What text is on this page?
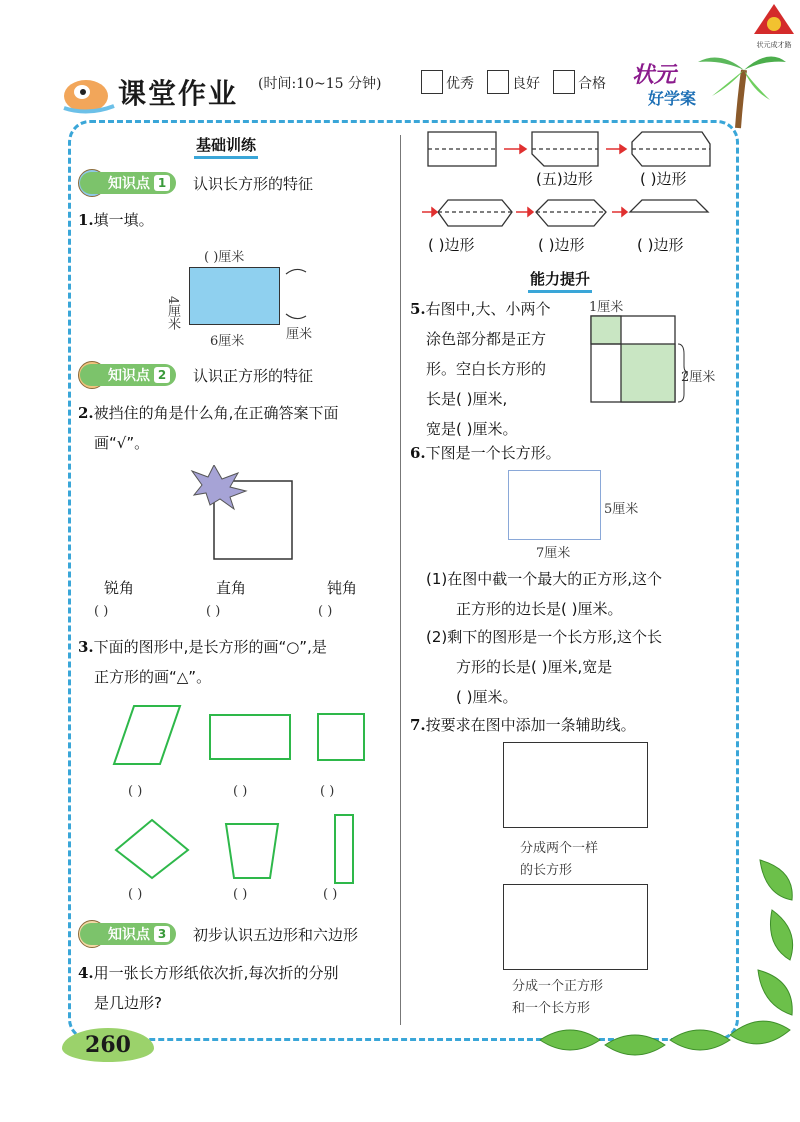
课堂作业 (时间:10~15 分钟)	优秀	良好	合格 状元
好学案
状元成才路
基础训练
知识点 1 认识长方形的特征
1.填一填。
( )厘米
4厘米
6厘米	厘米
知识点 2 认识正方形的特征
2.被挡住的角是什么角,在正确答案下面
画“√”。
锐角	直角	钝角
( )	( )	( )
3.下面的图形中,是长方形的画“○”,是
正方形的画“△”。
( )	( )	( )
( )	( )	( )
知识点 3 初步认识五边形和六边形
4.用一张长方形纸依次折,每次折的分别
是几边形?
(五)边形	( )边形
( )边形	( )边形	( )边形
能力提升
5.右图中,大、小两个
涂色部分都是正方
形。空白长方形的
长是( )厘米,
宽是( )厘米。
1厘米
2厘米
6.下图是一个长方形。
5厘米
7厘米
(1)在图中截一个最大的正方形,这个
正方形的边长是( )厘米。
(2)剩下的图形是一个长方形,这个长
方形的长是( )厘米,宽是
( )厘米。
7.按要求在图中添加一条辅助线。
分成两个一样
的长方形
分成一个正方形
和一个长方形
260
